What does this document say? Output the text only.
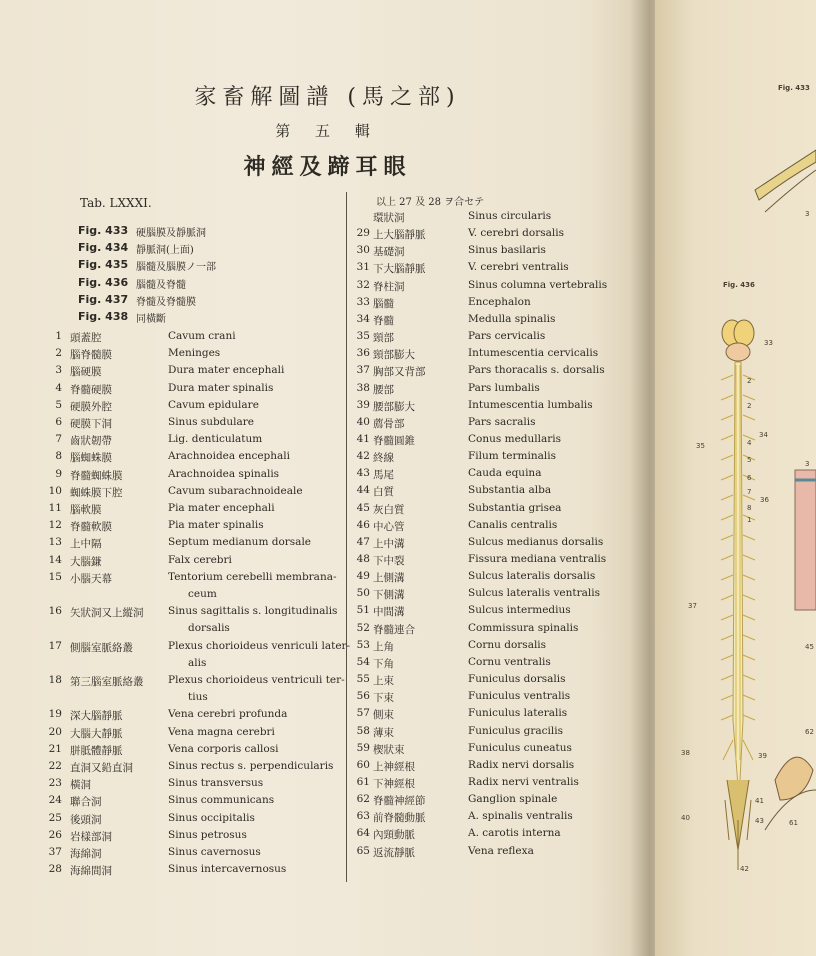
家畜解圖譜 (馬之部)
第 五 輯
神經及蹄耳眼
Tab. LXXXI.	以上 27 及 28 ヲ合セテ
Fig. 433 硬腦膜及靜脈洞
Fig. 434 靜脈洞(上面)
Fig. 435 腦髓及腦膜ノ一部
Fig. 436 腦髓及脊髓
Fig. 437 脊髓及脊髓膜
Fig. 438 同橫斷
1 頭蓋腔	Cavum crani
2 腦脊髓膜	Meninges
3 腦硬膜	Dura mater encephali
4 脊髓硬膜	Dura mater spinalis
5 硬膜外腔	Cavum epidulare
6 硬膜下洞	Sinus subdulare
7 齒狀韌帶	Lig. denticulatum
8 腦蜘蛛膜	Arachnoidea encephali
9 脊髓蜘蛛膜	Arachnoidea spinalis
10 蜘蛛膜下腔	Cavum subarachnoideale
11 腦軟膜	Pia mater encephali
12 脊髓軟膜	Pia mater spinalis
13 上中隔	Septum medianum dorsale
14 大腦鎌	Falx cerebri
15 小腦天幕	Tentorium cerebelli membrana-
ceum
16 矢狀洞又上縱洞 Sinus sagittalis s. longitudinalis
dorsalis
17 側腦室脈絡叢	Plexus chorioideus venriculi later-
alis
18 第三腦室脈絡叢 Plexus chorioideus ventriculi ter-
tius
19 深大腦靜脈	Vena cerebri profunda
20 大腦大靜脈	Vena magna cerebri
21 胼胝體靜脈	Vena corporis callosi
22 直洞又鉛直洞	Sinus rectus s. perpendicularis
23 橫洞	Sinus transversus
24 聯合洞	Sinus communicans
25 後頭洞	Sinus occipitalis
26 岩樣部洞	Sinus petrosus
37 海綿洞	Sinus cavernosus
28 海綿間洞	Sinus intercavernosus
環狀洞	Sinus circularis
29 上大腦靜脈	V. cerebri dorsalis
30 基礎洞	Sinus basilaris
31 下大腦靜脈	V. cerebri ventralis
32 脊柱洞	Sinus columna vertebralis
33 腦髓	Encephalon
34 脊髓	Medulla spinalis
35 頸部	Pars cervicalis
36 頸部膨大	Intumescentia cervicalis
37 胸部又背部	Pars thoracalis s. dorsalis
38 腰部	Pars lumbalis
39 腰部膨大	Intumescentia lumbalis
40 薦骨部	Pars sacralis
41 脊髓圓錐	Conus medullaris
42 終線	Filum terminalis
43 馬尾	Cauda equina
44 白質	Substantia alba
45 灰白質	Substantia grisea
46 中心管	Canalis centralis
47 上中溝	Sulcus medianus dorsalis
48 下中裂	Fissura mediana ventralis
49 上側溝	Sulcus lateralis dorsalis
50 下側溝	Sulcus lateralis ventralis
51 中間溝	Sulcus intermedius
52 脊髓連合	Commissura spinalis
53 上角	Cornu dorsalis
54 下角	Cornu ventralis
55 上束	Funiculus dorsalis
56 下束	Funiculus ventralis
57 側束	Funiculus lateralis
58 薄束	Funiculus gracilis
59 楔狀束	Funiculus cuneatus
60 上神經根	Radix nervi dorsalis
61 下神經根	Radix nervi ventralis
62 脊髓神經節	Ganglion spinale
63 前脊髓動脈	A. spinalis ventralis
64 內頸動脈	A. carotis interna
65 返流靜脈	Vena reflexa
Fig. 433
Fig. 436
33
2
2
34
4
5
6
7
36
8
1
35
37
38	39
40
41
43
42
3
3
62
61
45
